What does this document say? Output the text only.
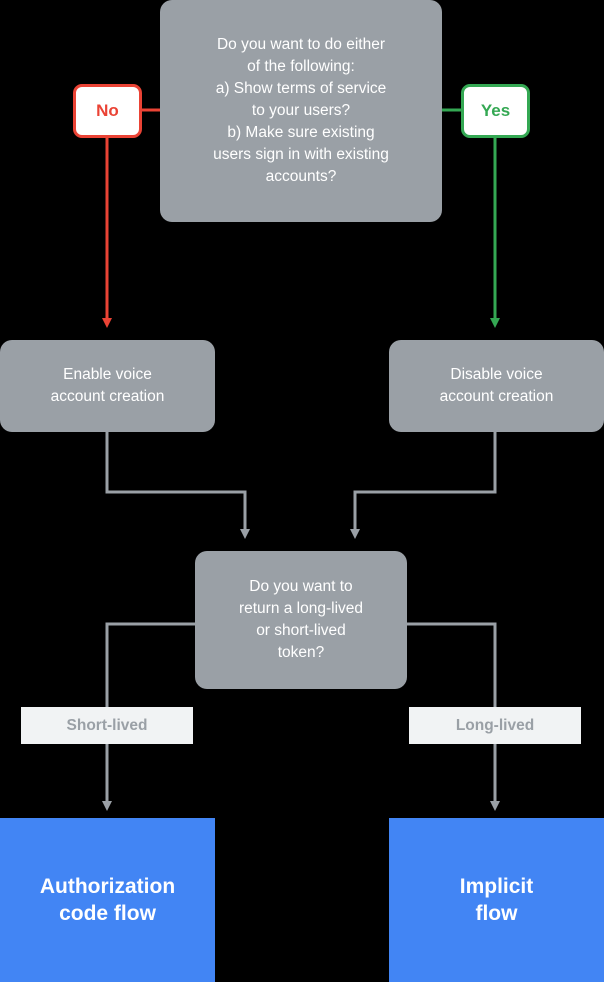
Do you want to do either
of the following:
a) Show terms of service
to your users?
b) Make sure existing
users sign in with existing
accounts?
No	Yes
Enable voice
account creation
Disable voice
account creation
Do you want to
return a long-lived
or short-lived
token?
Short-lived	Long-lived
Authorization
code flow
Implicit
flow
